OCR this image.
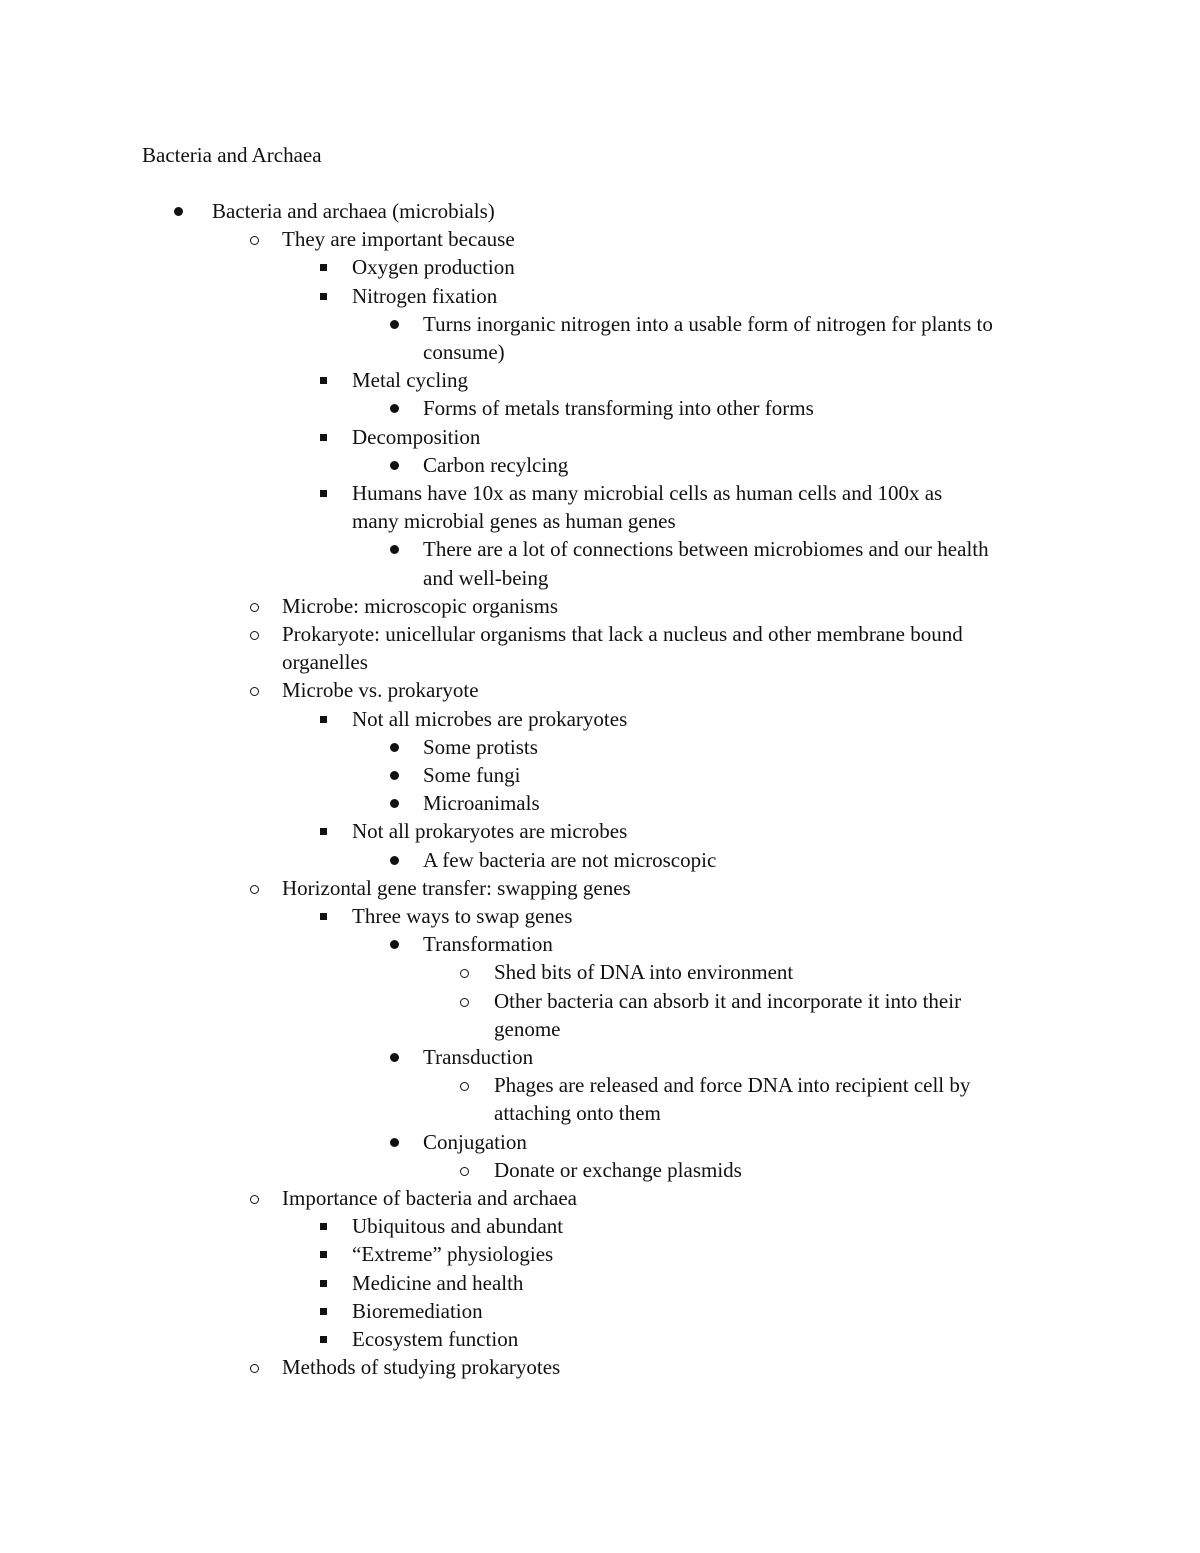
Bacteria and Archaea
Bacteria and archaea (microbials)
They are important because
Oxygen production
Nitrogen fixation
Turns inorganic nitrogen into a usable form of nitrogen for plants to
consume)
Metal cycling
Forms of metals transforming into other forms
Decomposition
Carbon recylcing
Humans have 10x as many microbial cells as human cells and 100x as
many microbial genes as human genes
There are a lot of connections between microbiomes and our health
and well-being
Microbe: microscopic organisms
Prokaryote: unicellular organisms that lack a nucleus and other membrane bound
organelles
Microbe vs. prokaryote
Not all microbes are prokaryotes
Some protists
Some fungi
Microanimals
Not all prokaryotes are microbes
A few bacteria are not microscopic
Horizontal gene transfer: swapping genes
Three ways to swap genes
Transformation
Shed bits of DNA into environment
Other bacteria can absorb it and incorporate it into their
genome
Transduction
Phages are released and force DNA into recipient cell by
attaching onto them
Conjugation
Donate or exchange plasmids
Importance of bacteria and archaea
Ubiquitous and abundant
“Extreme” physiologies
Medicine and health
Bioremediation
Ecosystem function
Methods of studying prokaryotes
